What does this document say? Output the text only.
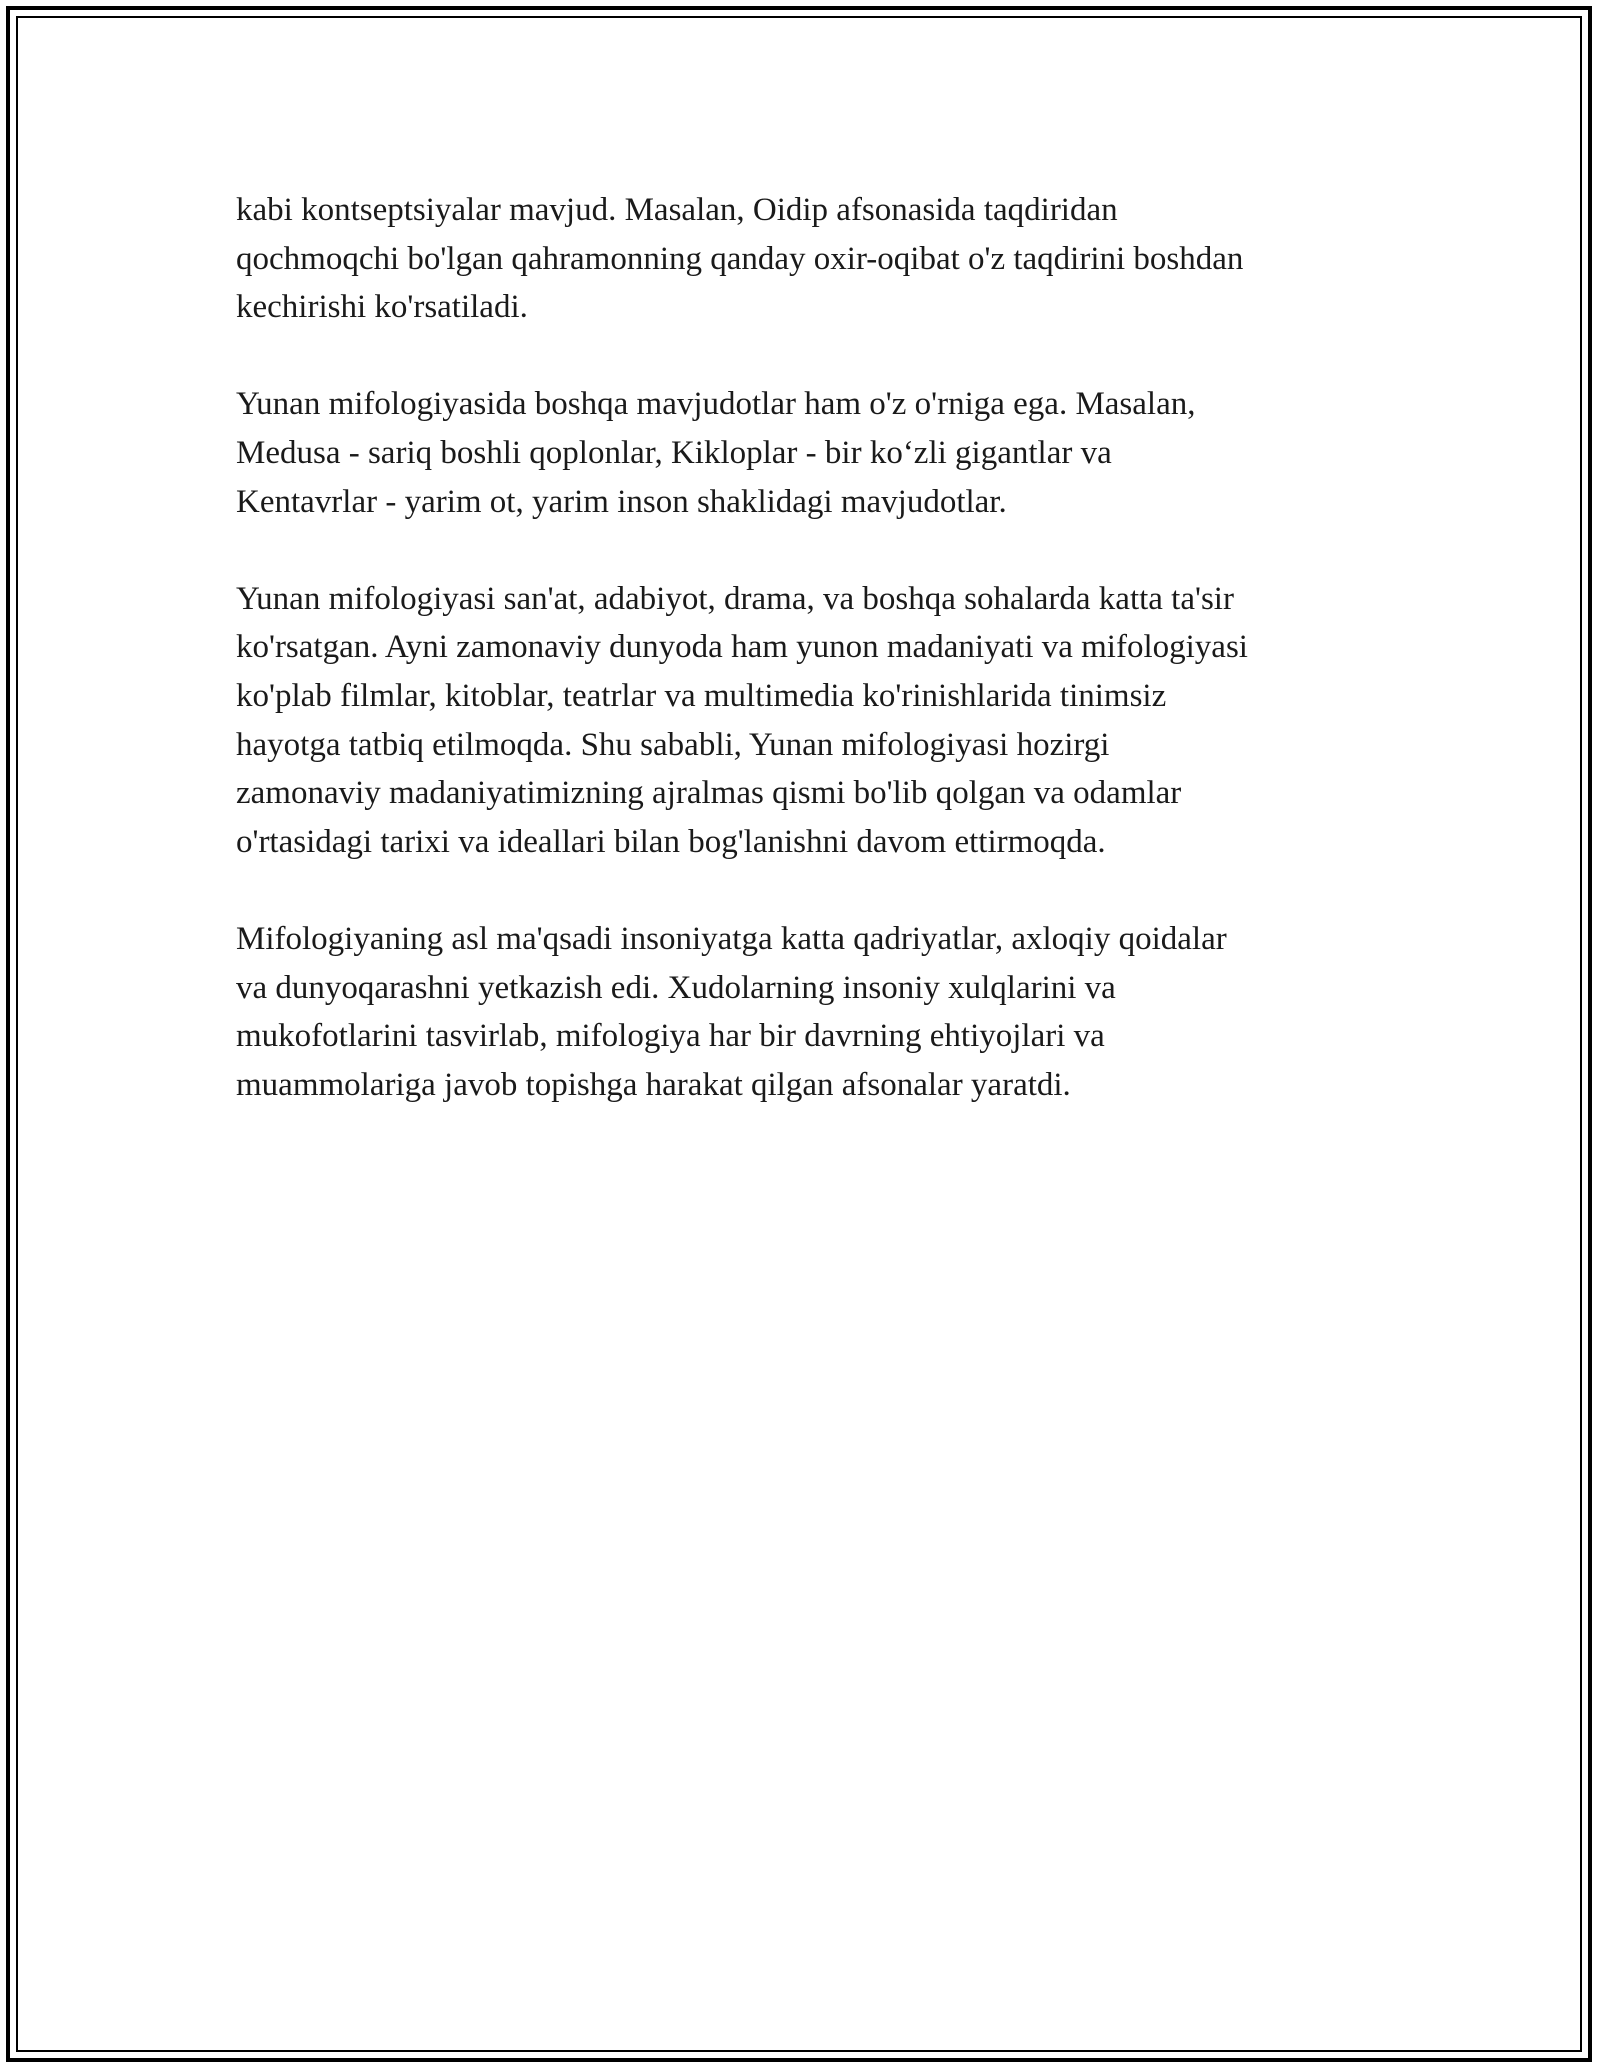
kabi kontseptsiyalar mavjud. Masalan, Oidip afsonasida taqdiridan
qochmoqchi bo'lgan qahramonning qanday oxir-oqibat o'z taqdirini boshdan
kechirishi ko'rsatiladi.

Yunan mifologiyasida boshqa mavjudotlar ham o'z o'rniga ega. Masalan,
Medusa - sariq boshli qoplonlar, Kikloplar - bir ko‘zli gigantlar va
Kentavrlar - yarim ot, yarim inson shaklidagi mavjudotlar.

Yunan mifologiyasi san'at, adabiyot, drama, va boshqa sohalarda katta ta'sir
ko'rsatgan. Ayni zamonaviy dunyoda ham yunon madaniyati va mifologiyasi
ko'plab filmlar, kitoblar, teatrlar va multimedia ko'rinishlarida tinimsiz
hayotga tatbiq etilmoqda. Shu sababli, Yunan mifologiyasi hozirgi
zamonaviy madaniyatimizning ajralmas qismi bo'lib qolgan va odamlar
o'rtasidagi tarixi va ideallari bilan bog'lanishni davom ettirmoqda.

Mifologiyaning asl ma'qsadi insoniyatga katta qadriyatlar, axloqiy qoidalar
va dunyoqarashni yetkazish edi. Xudolarning insoniy xulqlarini va
mukofotlarini tasvirlab, mifologiya har bir davrning ehtiyojlari va
muammolariga javob topishga harakat qilgan afsonalar yaratdi.
